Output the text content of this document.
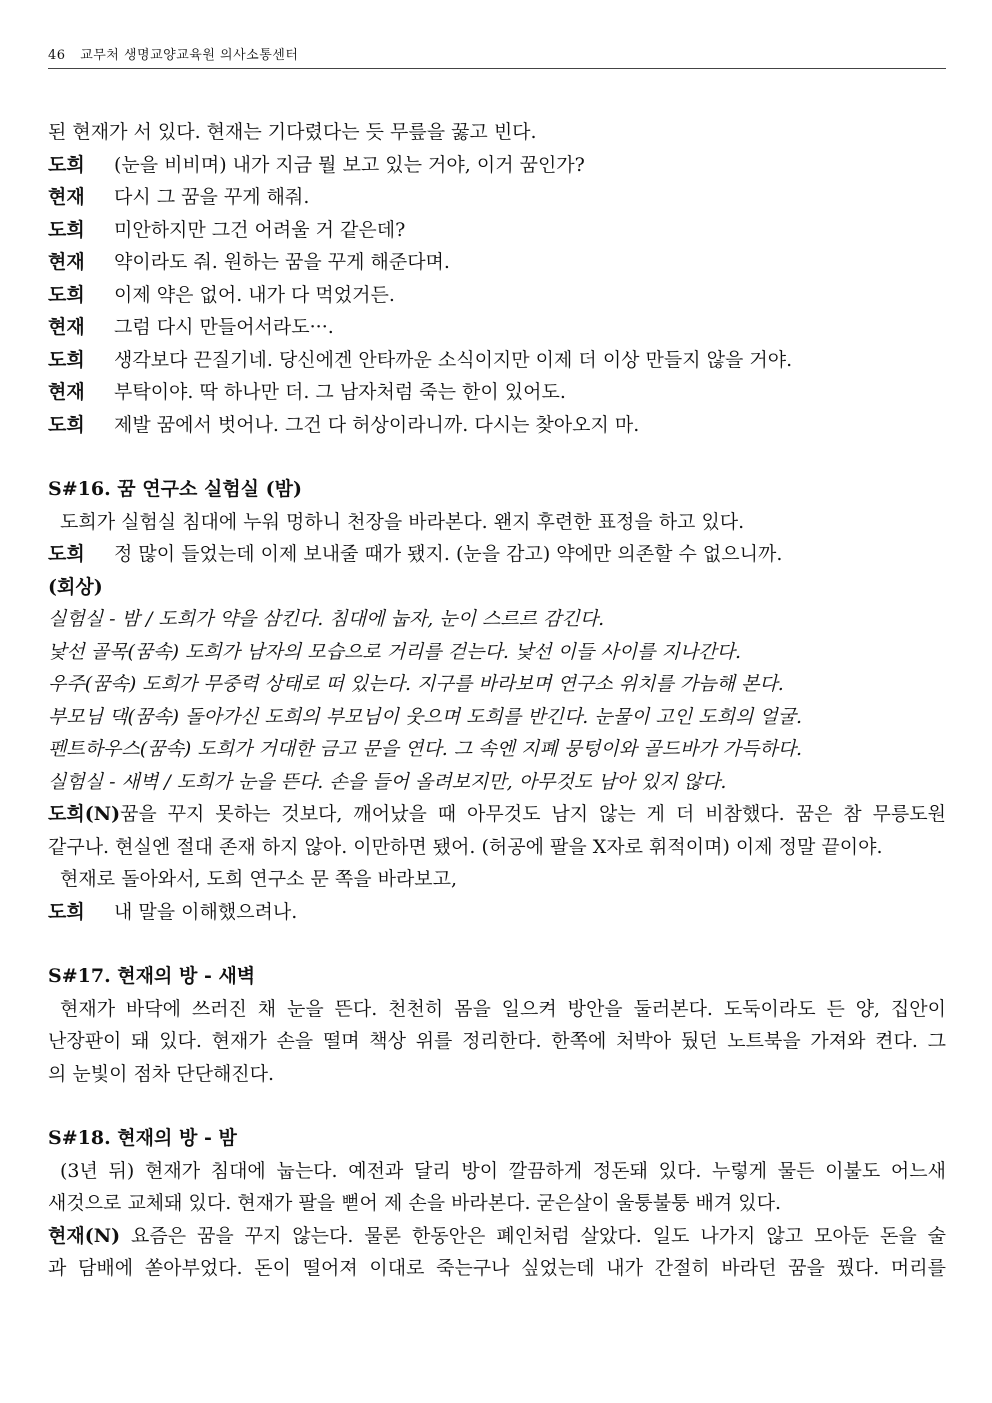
46 교무처 생명교양교육원 의사소통센터
된 현재가 서 있다. 현재는 기다렸다는 듯 무릎을 꿇고 빈다.
도희	(눈을 비비며) 내가 지금 뭘 보고 있는 거야, 이거 꿈인가?
현재	다시 그 꿈을 꾸게 해줘.
도희	미안하지만 그건 어려울 거 같은데?
현재	약이라도 줘. 원하는 꿈을 꾸게 해준다며.
도희	이제 약은 없어. 내가 다 먹었거든.
현재	그럼 다시 만들어서라도···.
도희	생각보다 끈질기네. 당신에겐 안타까운 소식이지만 이제 더 이상 만들지 않을 거야.
현재	부탁이야. 딱 하나만 더. 그 남자처럼 죽는 한이 있어도.
도희	제발 꿈에서 벗어나. 그건 다 허상이라니까. 다시는 찾아오지 마.
S#16. 꿈 연구소 실험실 (밤)
도희가 실험실 침대에 누워 멍하니 천장을 바라본다. 왠지 후련한 표정을 하고 있다.
도희	정 많이 들었는데 이제 보내줄 때가 됐지. (눈을 감고) 약에만 의존할 수 없으니까.
(회상)
실험실 - 밤 / 도희가 약을 삼킨다. 침대에 눕자, 눈이 스르르 감긴다.
낯선 골목(꿈속) 도희가 남자의 모습으로 거리를 걷는다. 낯선 이들 사이를 지나간다.
우주(꿈속) 도희가 무중력 상태로 떠 있는다. 지구를 바라보며 연구소 위치를 가늠해 본다.
부모님 댁(꿈속) 돌아가신 도희의 부모님이 웃으며 도희를 반긴다. 눈물이 고인 도희의 얼굴.
펜트하우스(꿈속) 도희가 거대한 금고 문을 연다. 그 속엔 지폐 뭉텅이와 골드바가 가득하다.
실험실 - 새벽 / 도희가 눈을 뜬다. 손을 들어 올려보지만, 아무것도 남아 있지 않다.
도희(N)꿈을 꾸지 못하는 것보다, 깨어났을 때 아무것도 남지 않는 게 더 비참했다. 꿈은 참 무릉도원
같구나. 현실엔 절대 존재 하지 않아. 이만하면 됐어. (허공에 팔을 X자로 휘적이며) 이제 정말 끝이야.
현재로 돌아와서, 도희 연구소 문 쪽을 바라보고,
도희	내 말을 이해했으려나.
S#17. 현재의 방 - 새벽
현재가 바닥에 쓰러진 채 눈을 뜬다. 천천히 몸을 일으켜 방안을 둘러본다. 도둑이라도 든 양, 집안이
난장판이 돼 있다. 현재가 손을 떨며 책상 위를 정리한다. 한쪽에 처박아 뒀던 노트북을 가져와 켠다. 그
의 눈빛이 점차 단단해진다.
S#18. 현재의 방 - 밤
(3년 뒤) 현재가 침대에 눕는다. 예전과 달리 방이 깔끔하게 정돈돼 있다. 누렇게 물든 이불도 어느새
새것으로 교체돼 있다. 현재가 팔을 뻗어 제 손을 바라본다. 굳은살이 울퉁불퉁 배겨 있다.
현재(N) 요즘은 꿈을 꾸지 않는다. 물론 한동안은 폐인처럼 살았다. 일도 나가지 않고 모아둔 돈을 술
과 담배에 쏟아부었다. 돈이 떨어져 이대로 죽는구나 싶었는데 내가 간절히 바라던 꿈을 꿨다. 머리를
